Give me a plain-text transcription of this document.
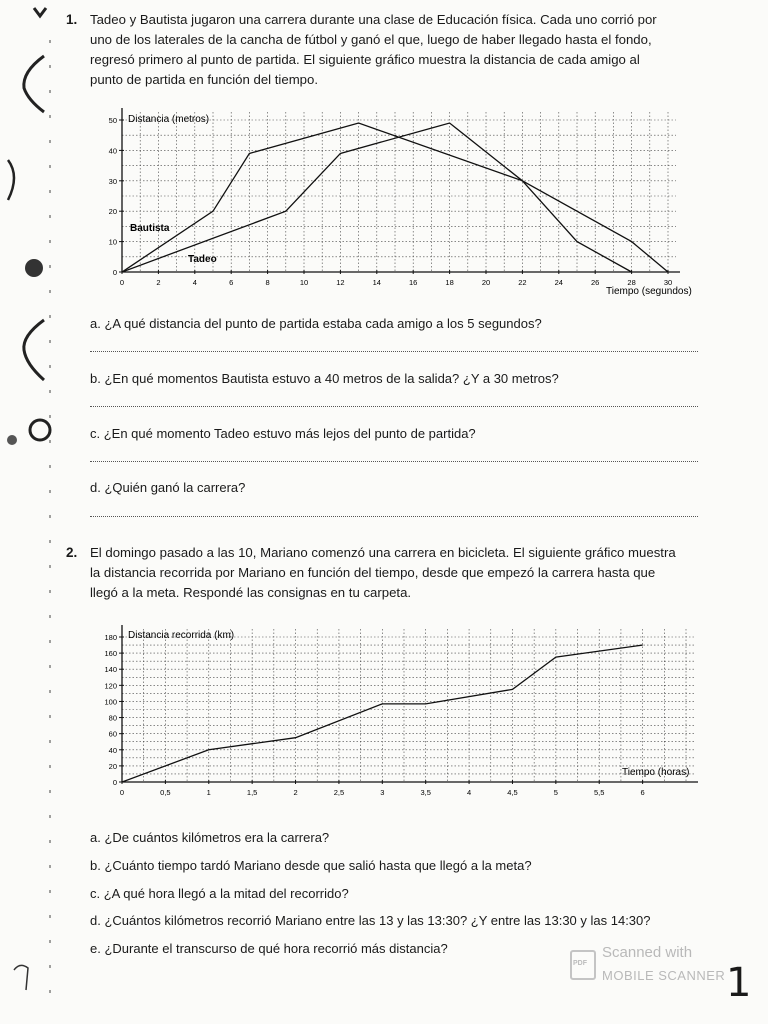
1. Tadeo y Bautista jugaron una carrera durante una clase de Educación física. Cada uno corrió por
uno de los laterales de la cancha de fútbol y ganó el que, luego de haber llegado hasta el fondo,
regresó primero al punto de partida. El siguiente gráfico muestra la distancia de cada amigo al
punto de partida en función del tiempo.
0	2	4	6	8	10	12	14	16	18	20	22	24	26	28	30
0
10
20
30
40
50 Distancia (metros)
Tiempo (segundos)
Bautista
Tadeo
a. ¿A qué distancia del punto de partida estaba cada amigo a los 5 segundos?
b. ¿En qué momentos Bautista estuvo a 40 metros de la salida? ¿Y a 30 metros?
c. ¿En qué momento Tadeo estuvo más lejos del punto de partida?
d. ¿Quién ganó la carrera?
2. El domingo pasado a las 10, Mariano comenzó una carrera en bicicleta. El siguiente gráfico muestra
la distancia recorrida por Mariano en función del tiempo, desde que empezó la carrera hasta que
llegó a la meta. Respondé las consignas en tu carpeta.
0	0,5	1	1,5	2	2,5	3	3,5	4	4,5	5	5,5	6
0
20
40
60
80
100
120
140
160
180 Distancia recorrida (km)
Tiempo (horas)
a. ¿De cuántos kilómetros era la carrera?
b. ¿Cuánto tiempo tardó Mariano desde que salió hasta que llegó a la meta?
c. ¿A qué hora llegó a la mitad del recorrido?
d. ¿Cuántos kilómetros recorrió Mariano entre las 13 y las 13:30? ¿Y entre las 13:30 y las 14:30?
e. ¿Durante el transcurso de qué hora recorrió más distancia?
PDF
Scanned with
MOBILE SCANNER 1
